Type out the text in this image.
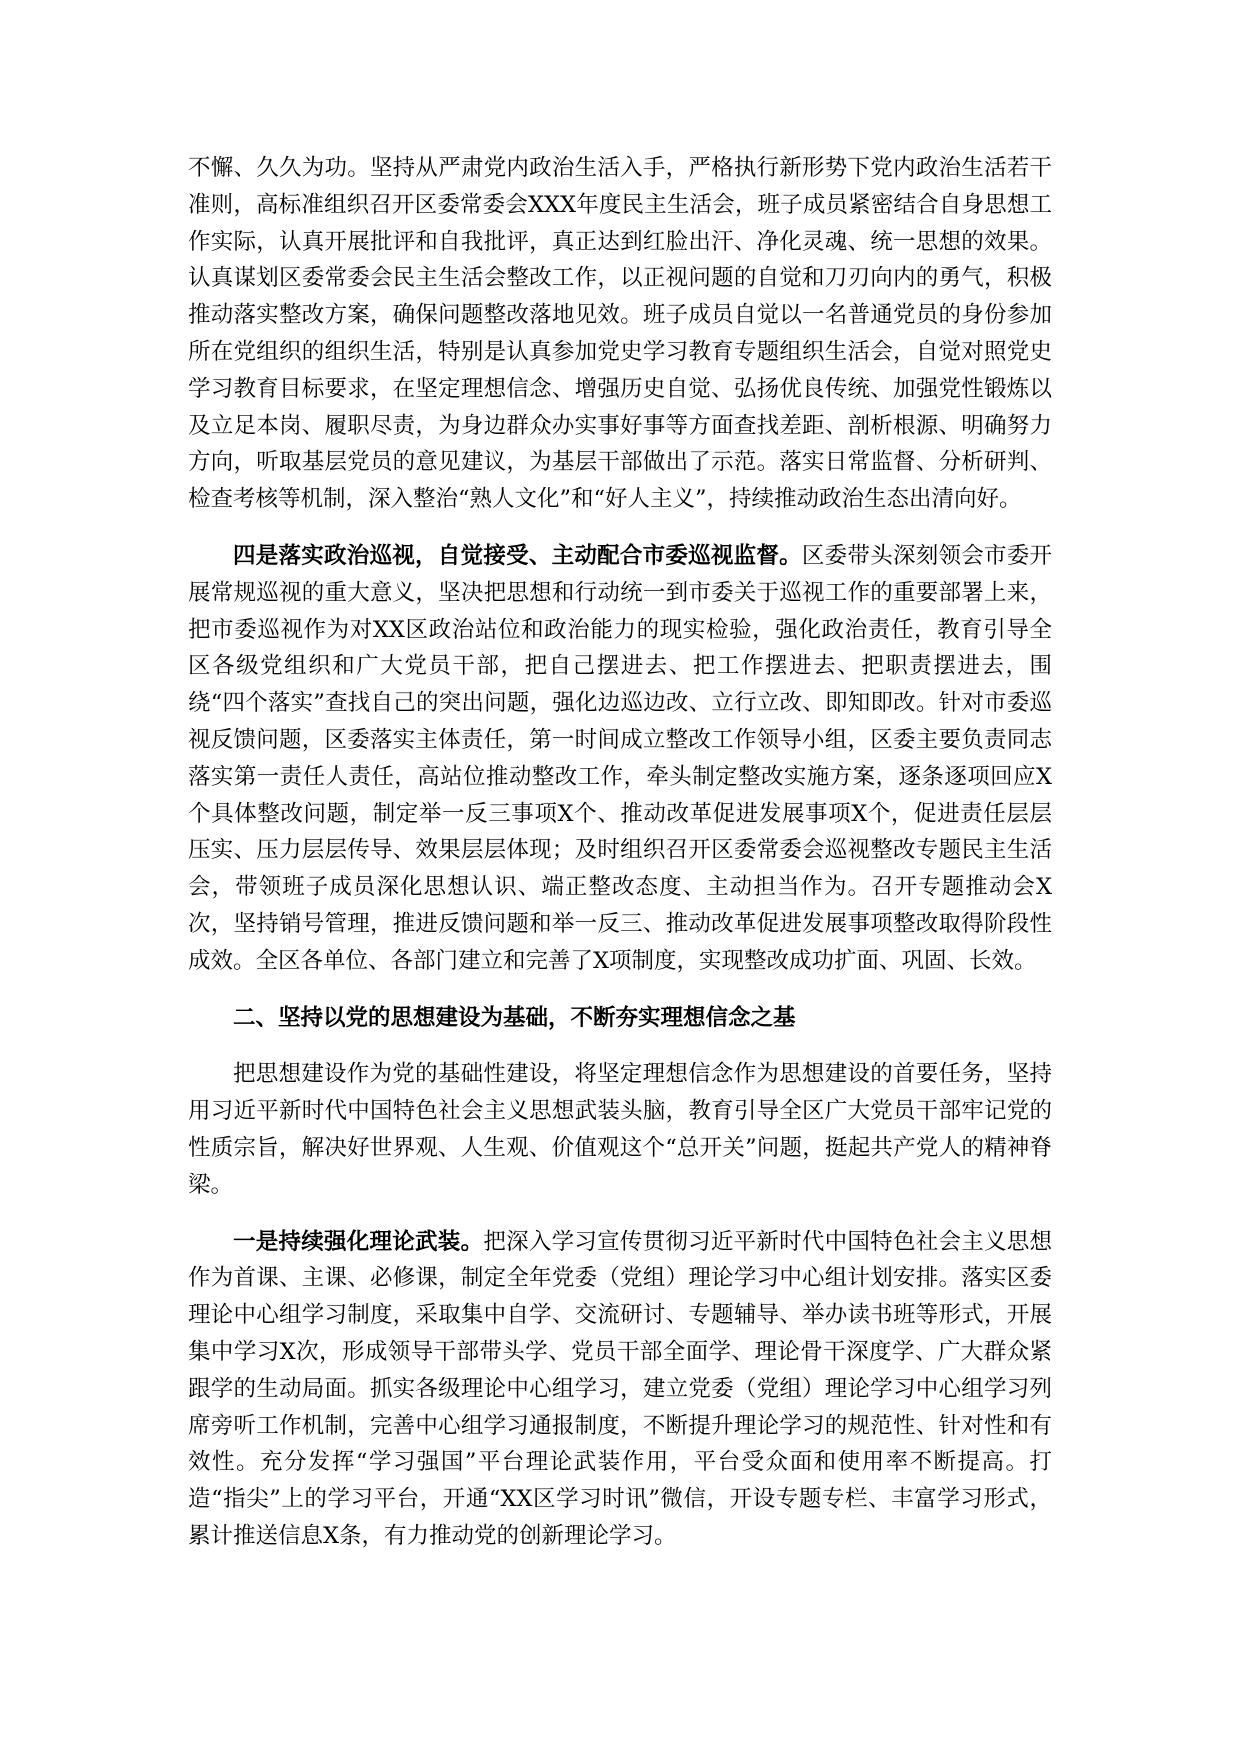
不懈、久久为功。坚持从严肃党内政治生活入手，严格执行新形势下党内政治生活若干准则，高标准组织召开区委常委会XXX年度民主生活会，班子成员紧密结合自身思想工作实际，认真开展批评和自我批评，真正达到红脸出汗、净化灵魂、统一思想的效果。认真谋划区委常委会民主生活会整改工作，以正视问题的自觉和刀刃向内的勇气，积极推动落实整改方案，确保问题整改落地见效。班子成员自觉以一名普通党员的身份参加所在党组织的组织生活，特别是认真参加党史学习教育专题组织生活会，自觉对照党史学习教育目标要求，在坚定理想信念、增强历史自觉、弘扬优良传统、加强党性锻炼以及立足本岗、履职尽责，为身边群众办实事好事等方面查找差距、剖析根源、明确努力方向，听取基层党员的意见建议，为基层干部做出了示范。落实日常监督、分析研判、检查考核等机制，深入整治“熟人文化”和“好人主义”，持续推动政治生态出清向好。

四是落实政治巡视，自觉接受、主动配合市委巡视监督。区委带头深刻领会市委开展常规巡视的重大意义，坚决把思想和行动统一到市委关于巡视工作的重要部署上来，把市委巡视作为对XX区政治站位和政治能力的现实检验，强化政治责任，教育引导全区各级党组织和广大党员干部，把自己摆进去、把工作摆进去、把职责摆进去，围绕“四个落实”查找自己的突出问题，强化边巡边改、立行立改、即知即改。针对市委巡视反馈问题，区委落实主体责任，第一时间成立整改工作领导小组，区委主要负责同志落实第一责任人责任，高站位推动整改工作，牵头制定整改实施方案，逐条逐项回应X个具体整改问题，制定举一反三事项X个、推动改革促进发展事项X个，促进责任层层压实、压力层层传导、效果层层体现；及时组织召开区委常委会巡视整改专题民主生活会，带领班子成员深化思想认识、端正整改态度、主动担当作为。召开专题推动会X次，坚持销号管理，推进反馈问题和举一反三、推动改革促进发展事项整改取得阶段性成效。全区各单位、各部门建立和完善了X项制度，实现整改成功扩面、巩固、长效。

二、坚持以党的思想建设为基础，不断夯实理想信念之基

把思想建设作为党的基础性建设，将坚定理想信念作为思想建设的首要任务，坚持用习近平新时代中国特色社会主义思想武装头脑，教育引导全区广大党员干部牢记党的性质宗旨，解决好世界观、人生观、价值观这个“总开关”问题，挺起共产党人的精神脊梁。

一是持续强化理论武装。把深入学习宣传贯彻习近平新时代中国特色社会主义思想作为首课、主课、必修课，制定全年党委（党组）理论学习中心组计划安排。落实区委理论中心组学习制度，采取集中自学、交流研讨、专题辅导、举办读书班等形式，开展集中学习X次，形成领导干部带头学、党员干部全面学、理论骨干深度学、广大群众紧跟学的生动局面。抓实各级理论中心组学习，建立党委（党组）理论学习中心组学习列席旁听工作机制，完善中心组学习通报制度，不断提升理论学习的规范性、针对性和有效性。充分发挥“学习强国”平台理论武装作用，平台受众面和使用率不断提高。打造“指尖”上的学习平台，开通“XX区学习时讯”微信，开设专题专栏、丰富学习形式，累计推送信息X条，有力推动党的创新理论学习。
